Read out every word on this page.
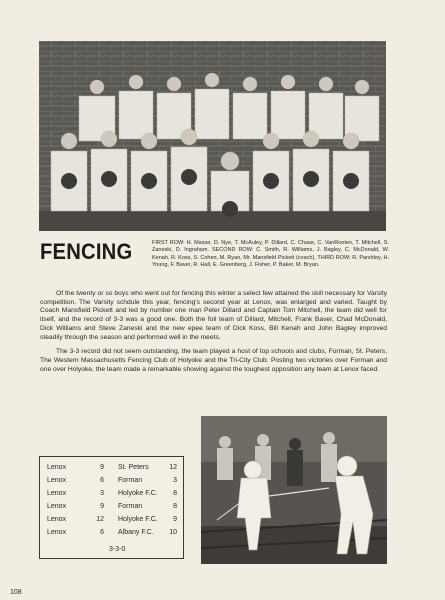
FENCING	FIRST ROW: H. Masse, D. Nye, T. McAuley, P. Dillard, C. Chase, C. VanRooten, T. Mitchell, S. Zaneski, D. Ingraham. SECOND ROW: C. Smith, R. Williams, J. Bagley, C. McDonald, W. Kenah, R. Koss, S. Cohen, M. Ryan, Mr. Mansfield Pickett (coach). THIRD ROW: R. Parshley, H. Young, F. Baver, R. Hall, E. Greenberg, J. Fisher, P. Baker, M. Bryan.

Of the twenty or so boys who went out for fencing this winter a select few attained the skill necessary for Varsity competition. The Varsity schdule this year, fencing's second year at Lenox, was enlarged and varied. Taught by Coach Mansfield Pickett and led by number one man Peter Dillard and Captain Tom Mitchell, the team did well for itself, and the record of 3-3 was a good one. Both the foil team of Dillard, Mitchell, Frank Baver, Chad McDonald, Dick Williams and Steve Zaneski and the new epee team of Dick Koss, Bill Kenah and John Bagley improved steadily through the season and performed well in the meets.

The 3-3 record did not seem outstanding, the team played a host of top schools and clubs, Forman, St. Peters, The Western Massachusetts Fencing Club of Holyoke and the Tri-City Club. Posting two victories over Forman and one over Holyoke, the team made a remarkable showing against the toughest opposition any team at Lenox faced.

Lenox	9 St. Peters	12
Lenox	6 Forman	3
Lenox	3 Holyoke F.C.	8
Lenox	9 Forman	8
Lenox	12 Holyoke F.C.	9
Lenox	6 Albany F.C.	10
3-3-0
108
